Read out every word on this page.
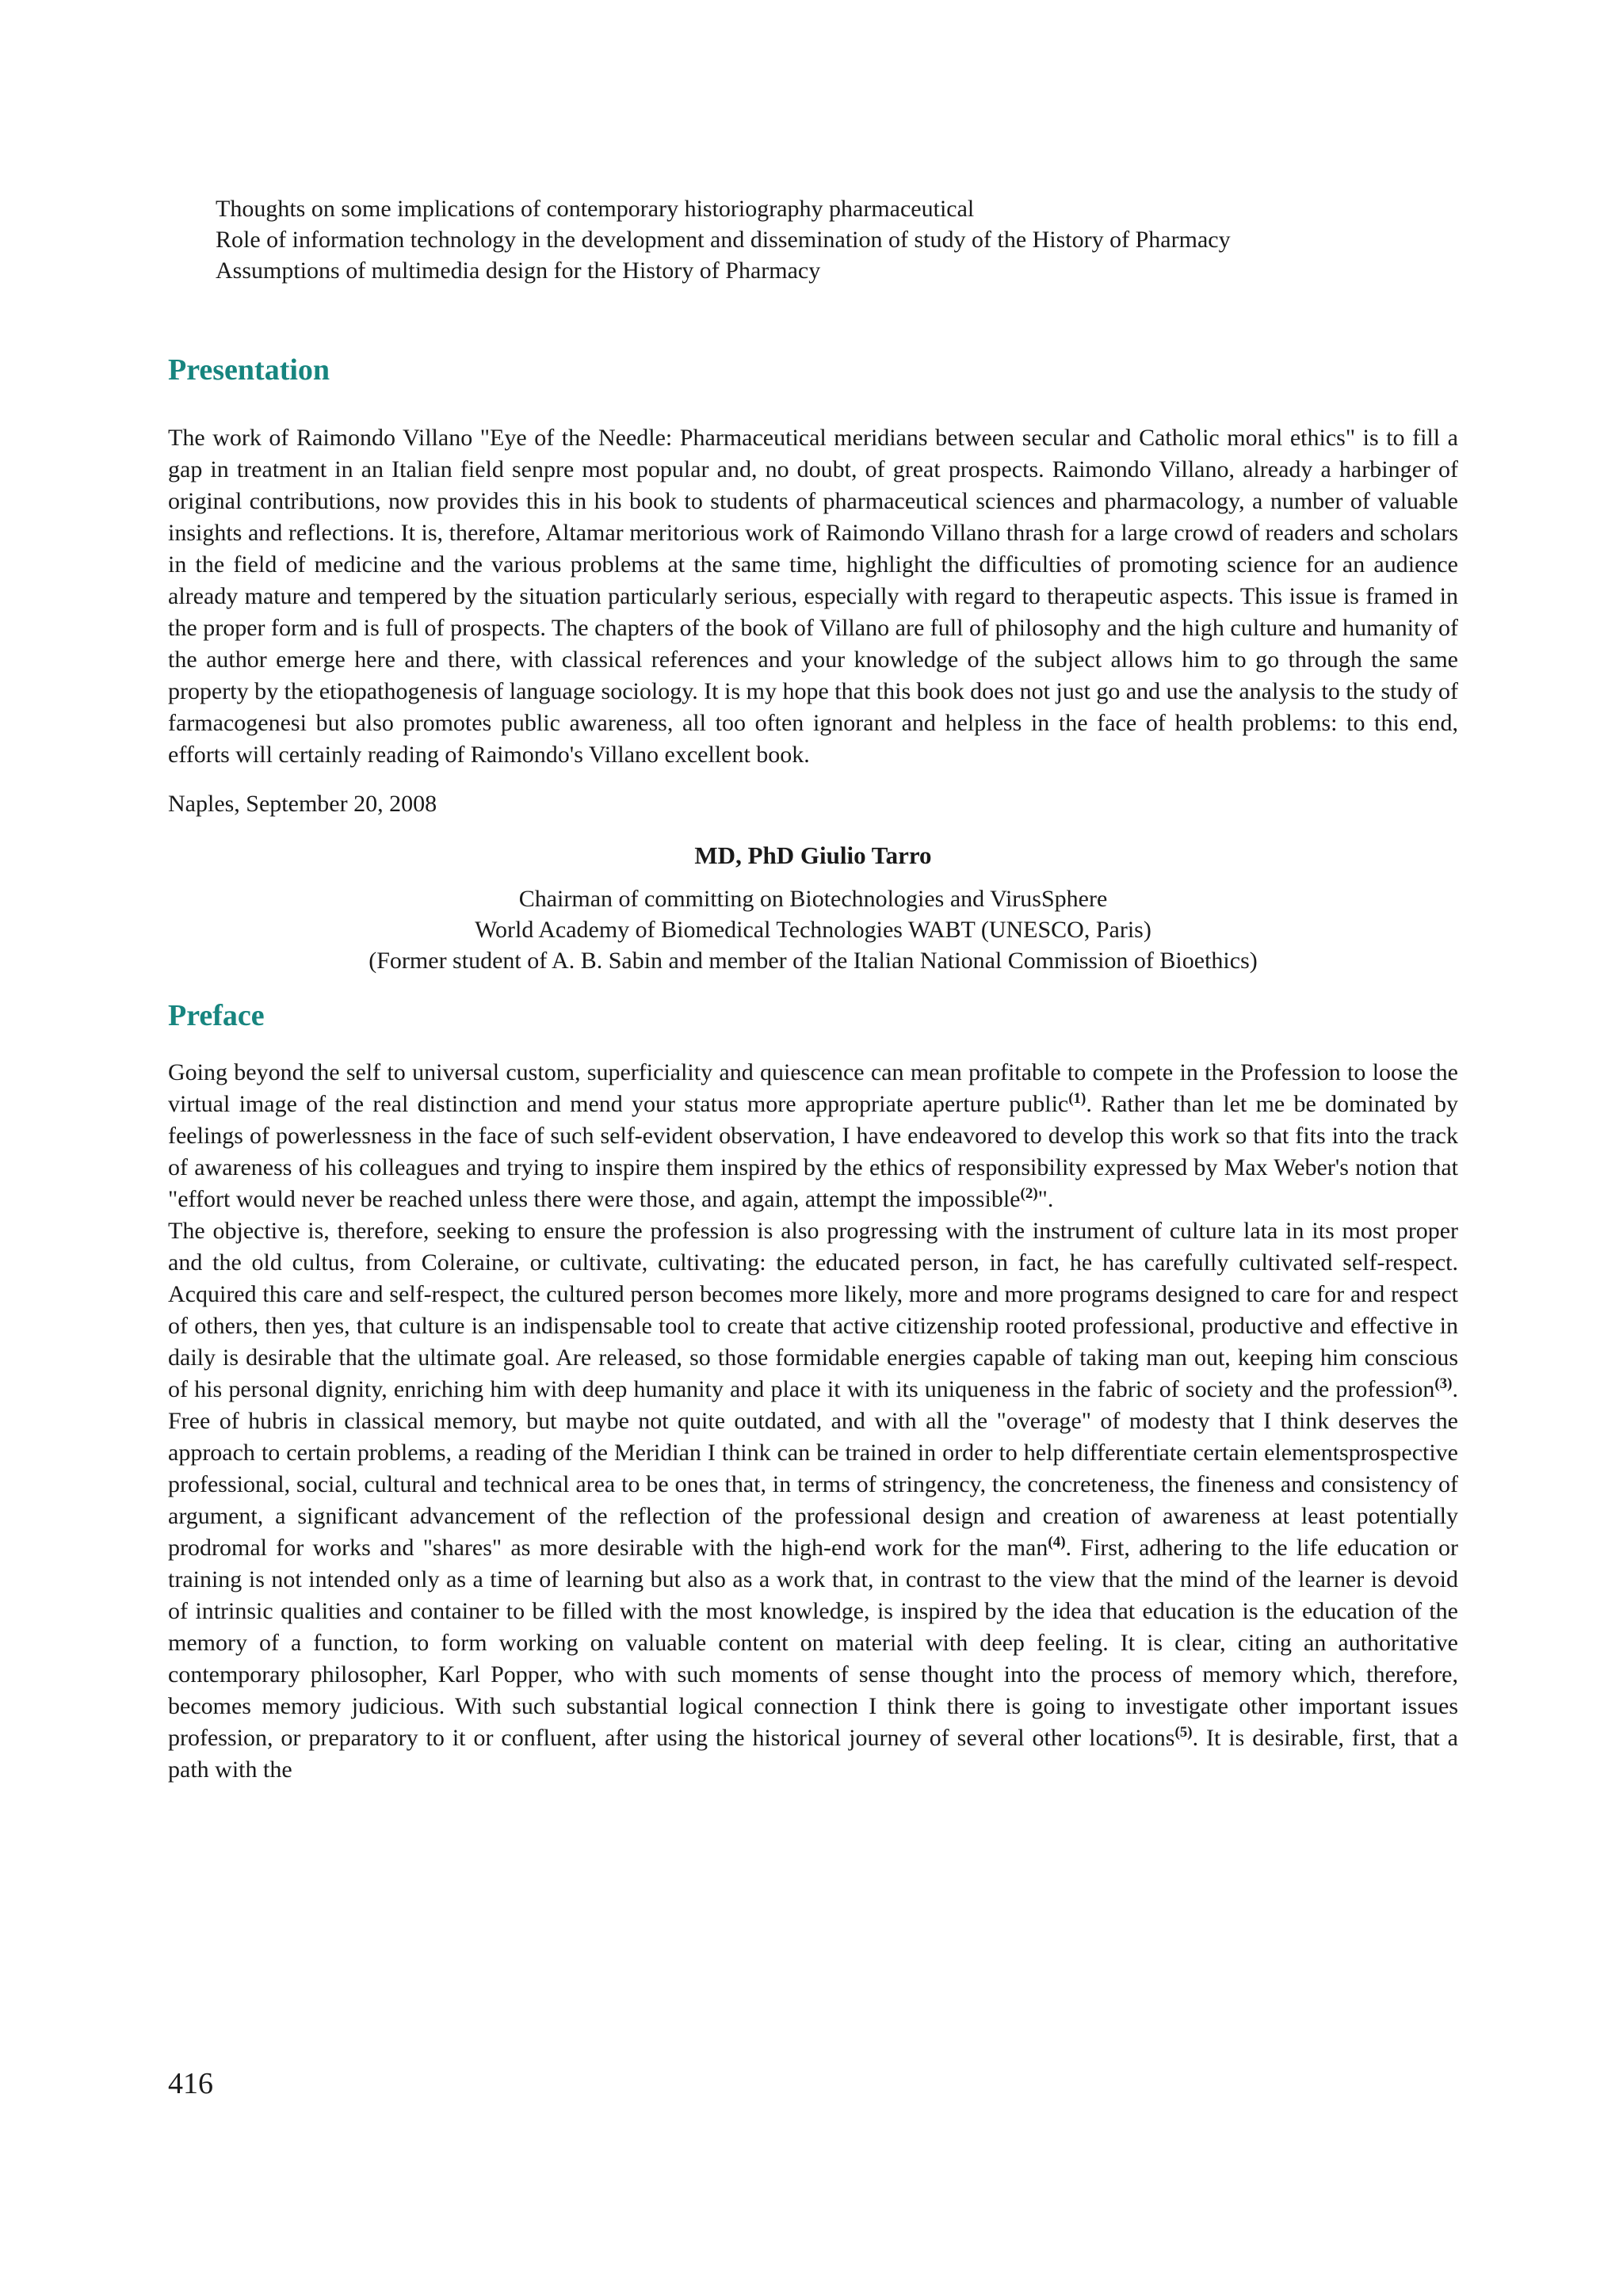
Thoughts on some implications of contemporary historiography pharmaceutical
Role of information technology in the development and dissemination of study of the History of Pharmacy
Assumptions of multimedia design for the History of Pharmacy
Presentation

The work of Raimondo Villano "Eye of the Needle: Pharmaceutical meridians between secular and Catholic moral ethics" is to fill a gap in treatment in an Italian field senpre most popular and, no doubt, of great prospects. Raimondo Villano, already a harbinger of original contributions, now provides this in his book to students of pharmaceutical sciences and pharmacology, a number of valuable insights and reflections. It is, therefore, Altamar meritorious work of Raimondo Villano thrash for a large crowd of readers and scholars in the field of medicine and the various problems at the same time, highlight the difficulties of promoting science for an audience already mature and tempered by the situation particularly serious, especially with regard to therapeutic aspects. This issue is framed in the proper form and is full of prospects. The chapters of the book of Villano are full of philosophy and the high culture and humanity of the author emerge here and there, with classical references and your knowledge of the subject allows him to go through the same property by the etiopathogenesis of language sociology. It is my hope that this book does not just go and use the analysis to the study of farmacogenesi but also promotes public awareness, all too often ignorant and helpless in the face of health problems: to this end, efforts will certainly reading of Raimondo's Villano excellent book.

Naples, September 20, 2008
MD, PhD Giulio Tarro
Chairman of committing on Biotechnologies and VirusSphere
World Academy of Biomedical Technologies WABT (UNESCO, Paris)
(Former student of A. B. Sabin and member of the Italian National Commission of Bioethics)
Preface

Going beyond the self to universal custom, superficiality and quiescence can mean profitable to compete in the Profession to loose the virtual image of the real distinction and mend your status more appropriate aperture public$^{(1)}$. Rather than let me be dominated by feelings of powerlessness in the face of such self-evident observation, I have endeavored to develop this work so that fits into the track of awareness of his colleagues and trying to inspire them inspired by the ethics of responsibility expressed by Max Weber's notion that "effort would never be reached unless there were those, and again, attempt the impossible$^{(2)}$".

The objective is, therefore, seeking to ensure the profession is also progressing with the instrument of culture lata in its most proper and the old cultus, from Coleraine, or cultivate, cultivating: the educated person, in fact, he has carefully cultivated self-respect. Acquired this care and self-respect, the cultured person becomes more likely, more and more programs designed to care for and respect of others, then yes, that culture is an indispensable tool to create that active citizenship rooted professional, productive and effective in daily is desirable that the ultimate goal. Are released, so those formidable energies capable of taking man out, keeping him conscious of his personal dignity, enriching him with deep humanity and place it with its uniqueness in the fabric of society and the profession$^{(3)}$. Free of hubris in classical memory, but maybe not quite outdated, and with all the "overage" of modesty that I think deserves the approach to certain problems, a reading of the Meridian I think can be trained in order to help differentiate certain elementsprospective professional, social, cultural and technical area to be ones that, in terms of stringency, the concreteness, the fineness and consistency of argument, a significant advancement of the reflection of the professional design and creation of awareness at least potentially prodromal for works and "shares" as more desirable with the high-end work for the man$^{(4)}$. First, adhering to the life education or training is not intended only as a time of learning but also as a work that, in contrast to the view that the mind of the learner is devoid of intrinsic qualities and container to be filled with the most knowledge, is inspired by the idea that education is the education of the memory of a function, to form working on valuable content on material with deep feeling. It is clear, citing an authoritative contemporary philosopher, Karl Popper, who with such moments of sense thought into the process of memory which, therefore, becomes memory judicious. With such substantial logical connection I think there is going to investigate other important issues profession, or preparatory to it or confluent, after using the historical journey of several other locations$^{(5)}$. It is desirable, first, that a path with the

416
